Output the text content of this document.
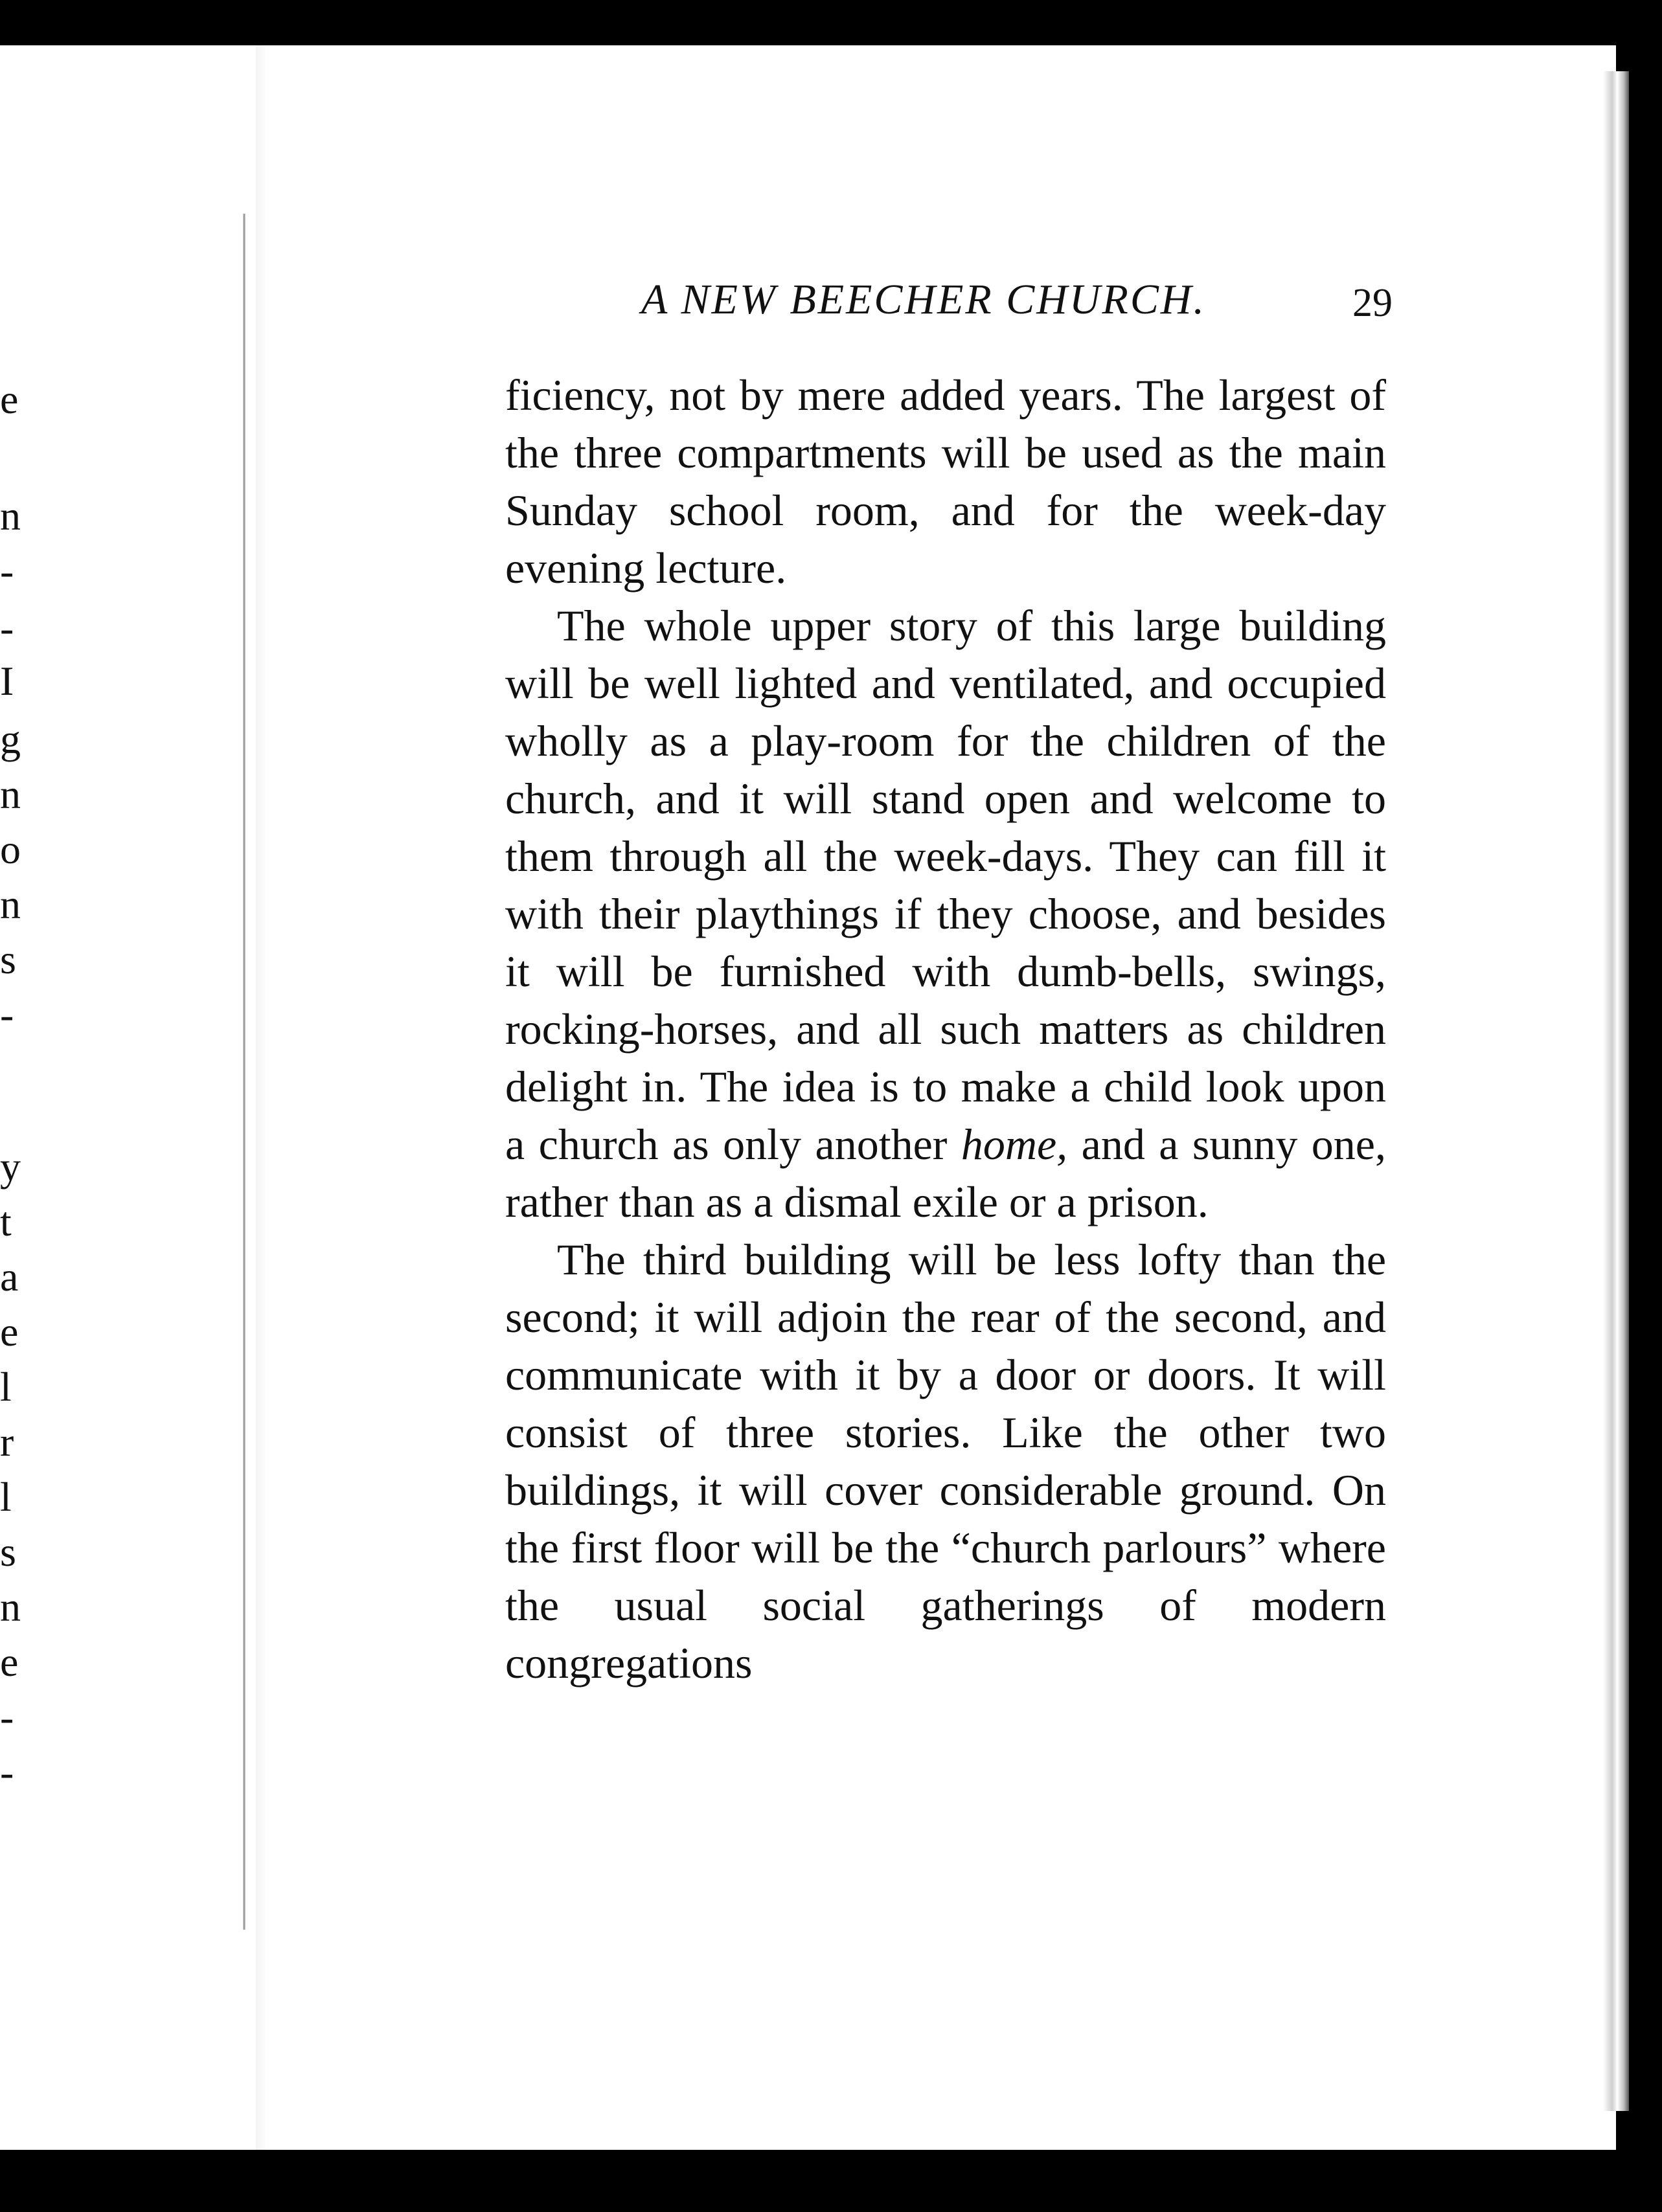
e
n
-
-
I
g
n
o
n
s
-
y
t
a
e
l
r
l
s
n
e
-
-
A NEW BEECHER CHURCH.	29

ficiency, not by mere added years. The largest of the three compartments will be used as the main Sunday school room, and for the week-day evening lecture.

The whole upper story of this large building will be well lighted and ventilated, and occupied wholly as a play-room for the children of the church, and it will stand open and welcome to them through all the week-days. They can fill it with their playthings if they choose, and besides it will be furnished with dumb-bells, swings, rocking-horses, and all such matters as children delight in. The idea is to make a child look upon a church as only another home, and a sunny one, rather than as a dismal exile or a prison.

The third building will be less lofty than the second; it will adjoin the rear of the second, and communicate with it by a door or doors. It will consist of three stories. Like the other two buildings, it will cover considerable ground. On the first floor will be the “church parlours” where the usual social gatherings of modern congregations
